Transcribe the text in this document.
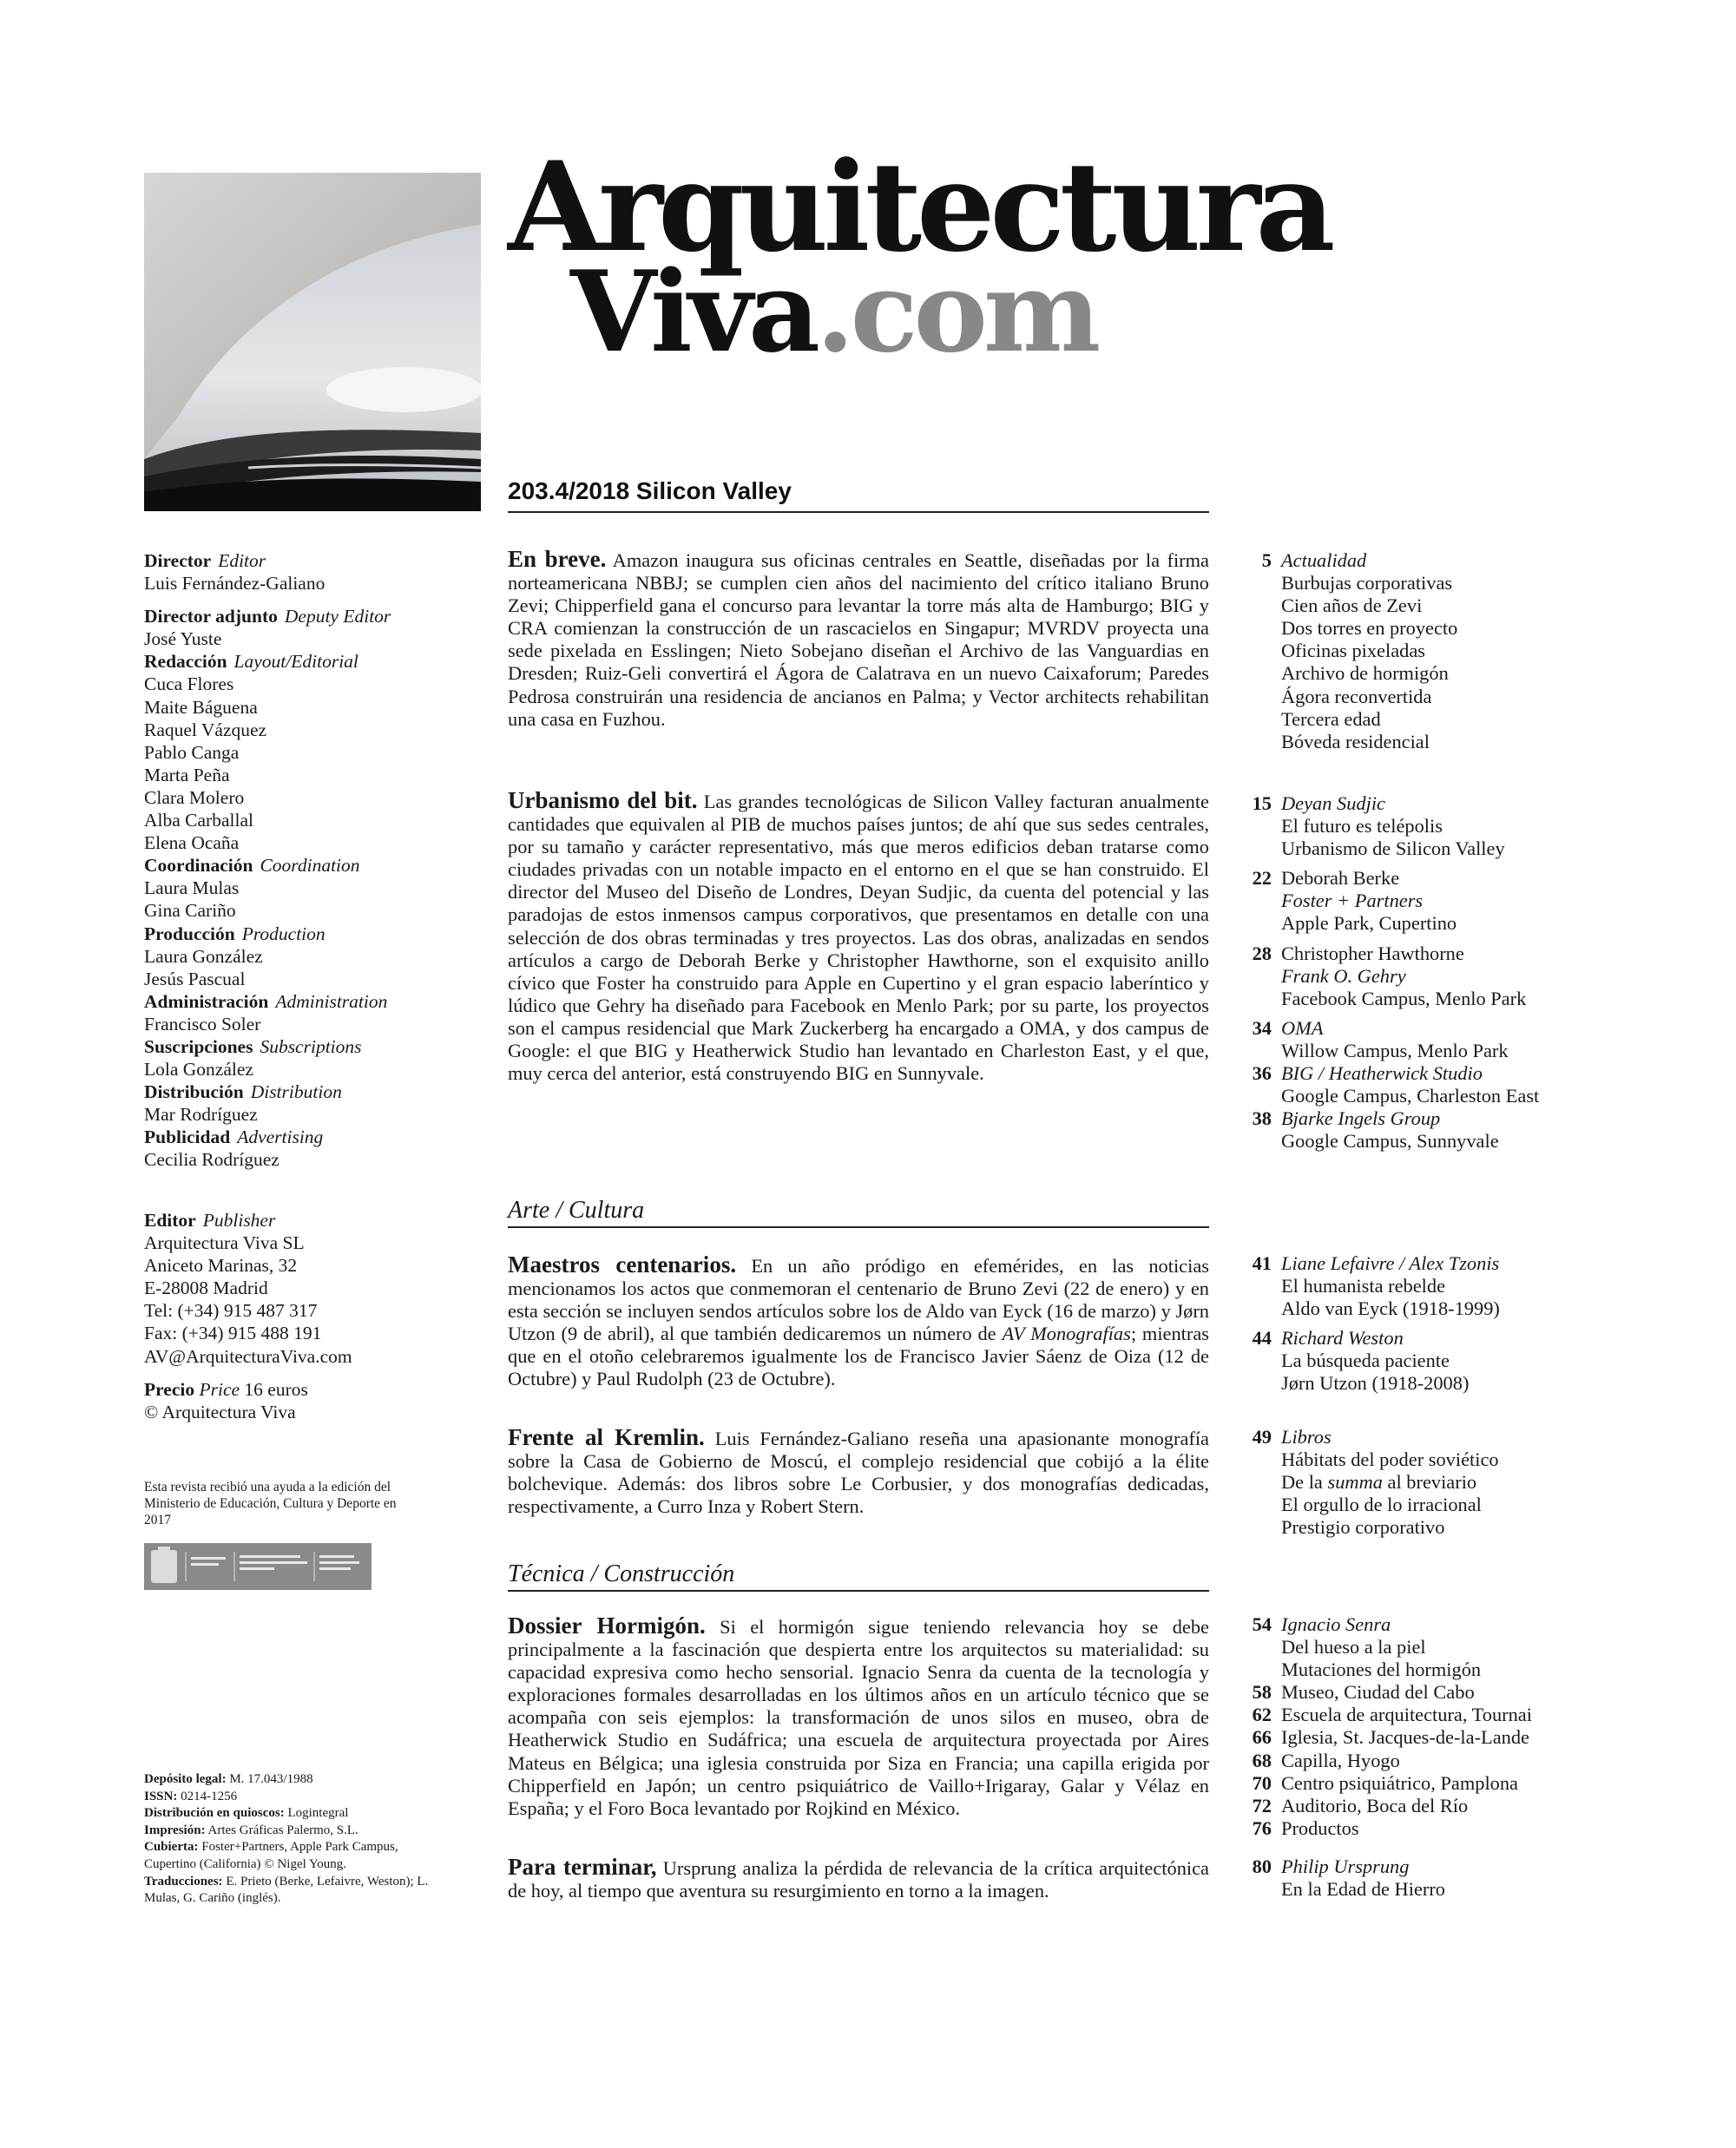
Arquitectura
Viva.com
203.4/2018 Silicon Valley
Director Editor
Luis Fernández-Galiano
Director adjunto Deputy Editor
José Yuste
Redacción Layout/Editorial
Cuca Flores
Maite Báguena
Raquel Vázquez
Pablo Canga
Marta Peña
Clara Molero
Alba Carballal
Elena Ocaña
Coordinación Coordination
Laura Mulas
Gina Cariño
Producción Production
Laura González
Jesús Pascual
Administración Administration
Francisco Soler
Suscripciones Subscriptions
Lola González
Distribución Distribution
Mar Rodríguez
Publicidad Advertising
Cecilia Rodríguez
Editor Publisher
Arquitectura Viva SL
Aniceto Marinas, 32
E-28008 Madrid
Tel: (+34) 915 487 317
Fax: (+34) 915 488 191
AV@ArquitecturaViva.com
Precio Price 16 euros
© Arquitectura Viva
Esta revista recibió una ayuda a la edición del Ministerio de Educación, Cultura y Deporte en 2017
Depósito legal: M. 17.043/1988
ISSN: 0214-1256
Distribución en quioscos: Logintegral
Impresión: Artes Gráficas Palermo, S.L.
Cubierta: Foster+Partners, Apple Park Campus, Cupertino (California) © Nigel Young.
Traducciones: E. Prieto (Berke, Lefaivre, Weston); L. Mulas, G. Cariño (inglés).
En breve. Amazon inaugura sus oficinas centrales en Seattle, diseñadas por la firma norteamericana NBBJ; se cumplen cien años del nacimiento del crítico italiano Bruno Zevi; Chipperfield gana el concurso para levantar la torre más alta de Hamburgo; BIG y CRA comienzan la construcción de un rascacielos en Singapur; MVRDV proyecta una sede pixelada en Esslingen; Nieto Sobejano diseñan el Archivo de las Vanguardias en Dresden; Ruiz-Geli convertirá el Ágora de Calatrava en un nuevo Caixaforum; Paredes Pedrosa construirán una residencia de ancianos en Palma; y Vector architects rehabilitan una casa en Fuzhou.
Urbanismo del bit. Las grandes tecnológicas de Silicon Valley facturan anualmente cantidades que equivalen al PIB de muchos países juntos; de ahí que sus sedes centrales, por su tamaño y carácter representativo, más que meros edificios deban tratarse como ciudades privadas con un notable impacto en el entorno en el que se han construido. El director del Museo del Diseño de Londres, Deyan Sudjic, da cuenta del potencial y las paradojas de estos inmensos campus corporativos, que presentamos en detalle con una selección de dos obras terminadas y tres proyectos. Las dos obras, analizadas en sendos artículos a cargo de Deborah Berke y Christopher Hawthorne, son el exquisito anillo cívico que Foster ha construido para Apple en Cupertino y el gran espacio laberíntico y lúdico que Gehry ha diseñado para Facebook en Menlo Park; por su parte, los proyectos son el campus residencial que Mark Zuckerberg ha encargado a OMA, y dos campus de Google: el que BIG y Heatherwick Studio han levantado en Charleston East, y el que, muy cerca del anterior, está construyendo BIG en Sunnyvale.
Arte / Cultura
Maestros centenarios. En un año pródigo en efemérides, en las noticias mencionamos los actos que conmemoran el centenario de Bruno Zevi (22 de enero) y en esta sección se incluyen sendos artículos sobre los de Aldo van Eyck (16 de marzo) y Jørn Utzon (9 de abril), al que también dedicaremos un número de AV Monografías; mientras que en el otoño celebraremos igualmente los de Francisco Javier Sáenz de Oiza (12 de Octubre) y Paul Rudolph (23 de Octubre).
Frente al Kremlin. Luis Fernández-Galiano reseña una apasionante monografía sobre la Casa de Gobierno de Moscú, el complejo residencial que cobijó a la élite bolchevique. Además: dos libros sobre Le Corbusier, y dos monografías dedicadas, respectivamente, a Curro Inza y Robert Stern.
Técnica / Construcción
Dossier Hormigón. Si el hormigón sigue teniendo relevancia hoy se debe principalmente a la fascinación que despierta entre los arquitectos su materialidad: su capacidad expresiva como hecho sensorial. Ignacio Senra da cuenta de la tecnología y exploraciones formales desarrolladas en los últimos años en un artículo técnico que se acompaña con seis ejemplos: la transformación de unos silos en museo, obra de Heatherwick Studio en Sudáfrica; una escuela de arquitectura proyectada por Aires Mateus en Bélgica; una iglesia construida por Siza en Francia; una capilla erigida por Chipperfield en Japón; un centro psiquiátrico de Vaillo+Irigaray, Galar y Vélaz en España; y el Foro Boca levantado por Rojkind en México.
Para terminar, Ursprung analiza la pérdida de relevancia de la crítica arquitectónica de hoy, al tiempo que aventura su resurgimiento en torno a la imagen.
5 Actualidad
Burbujas corporativas
Cien años de Zevi
Dos torres en proyecto
Oficinas pixeladas
Archivo de hormigón
Ágora reconvertida
Tercera edad
Bóveda residencial
15 Deyan Sudjic
El futuro es telépolis
Urbanismo de Silicon Valley
22 Deborah Berke
Foster + Partners
Apple Park, Cupertino
28 Christopher Hawthorne
Frank O. Gehry
Facebook Campus, Menlo Park
34 OMA
Willow Campus, Menlo Park
36 BIG / Heatherwick Studio
Google Campus, Charleston East
38 Bjarke Ingels Group
Google Campus, Sunnyvale
41 Liane Lefaivre / Alex Tzonis
El humanista rebelde
Aldo van Eyck (1918-1999)
44 Richard Weston
La búsqueda paciente
Jørn Utzon (1918-2008)
49 Libros
Hábitats del poder soviético
De la summa al breviario
El orgullo de lo irracional
Prestigio corporativo
54 Ignacio Senra
Del hueso a la piel
Mutaciones del hormigón
58 Museo, Ciudad del Cabo
62 Escuela de arquitectura, Tournai
66 Iglesia, St. Jacques-de-la-Lande
68 Capilla, Hyogo
70 Centro psiquiátrico, Pamplona
72 Auditorio, Boca del Río
76 Productos
80 Philip Ursprung
En la Edad de Hierro
